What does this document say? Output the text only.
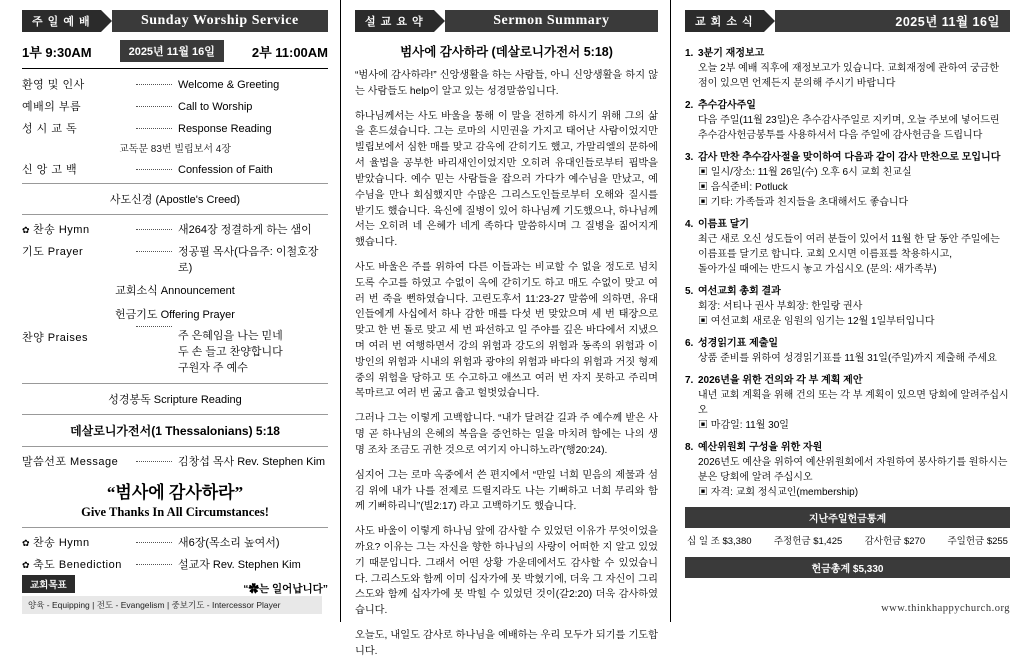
주 일 예 배	Sunday Worship Service
1부 9:30AM	2025년 11월 16일	2부 11:00AM
환영 및 인사	Welcome & Greeting
예배의 부름	Call to Worship
성 시 교 독	Response Reading
교독문 83번 빌립보서 4장
신 앙 고 백	Confession of Faith
사도신경 (Apostle's Creed)
✿ 찬송 Hymn	새264장 정결하게 하는 샘이
기도 Prayer	정공필 목사(다음주: 이철호장로)
교회소식 Announcement
헌금기도 Offering Prayer
찬양 Praises	주 은혜임을 나는 믿네
두 손 들고 찬양합니다
구원자 주 예수
성경봉독 Scripture Reading
데살로니가전서(1 Thessalonians) 5:18
말씀선포 Message	김창섭 목사 Rev. Stephen Kim
“범사에 감사하라”
Give Thanks In All Circumstances!
✿ 찬송 Hymn	새6장(목소리 높여서)
✿ 축도 Benediction	설교자 Rev. Stephen Kim
“✿는 일어납니다”
교회목표
양육 - Equipping | 전도 - Evangelism | 중보기도 - Intercessor Player
설 교 요 약	Sermon Summary
범사에 감사하라 (데살로니가전서 5:18)

“범사에 감사하라!” 신앙생활을 하는 사람들, 아니 신앙생활을 하지 않는 사람들도 help이 알고 있는 성경말씀입니다.

하나님께서는 사도 바울을 통해 이 말을 전하게 하시기 위해 그의 삶을 흔드셨습니다. 그는 로마의 시민권을 가지고 태어난 사람이었지만 빌립보에서 심한 매를 맞고 감옥에 갇히기도 했고, 가말리엘의 문하에서 율법을 공부한 바리새인이었지만 오히려 유대인들로부터 핍박을 받았습니다. 예수 믿는 사람들을 잡으러 가다가 예수님을 만났고, 예수님을 만나 회심했지만 수많은 그리스도인들로부터 오해와 질시를 받기도 했습니다. 육신에 질병이 있어 하나님께 기도했으나, 하나님께서는 오히려 네 은혜가 네게 족하다 말씀하시며 그 질병을 짊어지게 했습니다.

사도 바울은 주를 위하여 다른 이들과는 비교할 수 없을 정도로 넘치도록 수고를 하였고 수없이 옥에 갇히기도 하고 매도 수없이 맞고 여러 번 죽을 뻔하였습니다. 고린도후서 11:23-27 말씀에 의하면, 유대인들에게 사십에서 하나 감한 매를 다섯 번 맞았으며 세 번 태장으로 맞고 한 번 돌로 맞고 세 번 파선하고 일 주야를 깊은 바다에서 지냈으며 여러 번 여행하면서 강의 위험과 강도의 위험과 동족의 위험과 이방인의 위험과 시내의 위험과 광야의 위험과 바다의 위험과 거짓 형제 중의 위험을 당하고 또 수고하고 애쓰고 여러 번 자지 못하고 주리며 목마르고 여러 번 굶고 춥고 헐벗었습니다.

그러나 그는 이렇게 고백합니다. “내가 달려갈 길과 주 예수께 받은 사명 곧 하나님의 은혜의 복음을 증언하는 일을 마치려 함에는 나의 생명 조차 조금도 귀한 것으로 여기지 아니하노라”(행20:24).

심지어 그는 로마 옥중에서 쓴 편지에서 “만일 너희 믿음의 제물과 섬김 위에 내가 나를 전제로 드릴지라도 나는 기뻐하고 너희 무리와 함께 기뻐하리니”(빌2:17) 라고 고백하기도 했습니다.

사도 바울이 이렇게 하나님 앞에 감사할 수 있었던 이유가 무엇이었을까요? 이유는 그는 자신을 향한 하나님의 사랑이 어떠한 지 알고 있었기 때문입니다. 그래서 어떤 상황 가운데에서도 감사할 수 있었습니다. 그리스도와 함께 이미 십자가에 못 박혔기에, 더욱 그 자신이 그리스도와 함께 십자가에 못 박힐 수 있었던 것이(갈2:20) 더욱 감사하였습니다.

오늘도, 내일도 감사로 하나님을 예배하는 우리 모두가 되기를 기도합니다.

교 회 소 식	2025년 11월 16일
1. 3분기 재정보고
오늘 2부 예배 직후에 재정보고가 있습니다. 교회재정에 관하여 궁금한 점이 있으면 언제든지 문의해 주시기 바랍니다
2. 추수감사주일
다음 주일(11월 23일)은 추수감사주일로 지키며, 오늘 주보에 넣어드린 추수감사헌금봉투를 사용하셔서 다음 주일에 감사헌금을 드립니다
3. 감사 만찬 추수감사절을 맞이하여 다음과 같이 감사 만찬으로 모입니다
▣ 일시/장소: 11월 26일(수) 오후 6시 교회 친교실
▣ 음식준비: Potluck
▣ 기타: 가족들과 친지들을 초대해서도 좋습니다
4. 이름표 달기
최근 새로 오신 성도들이 여러 분들이 있어서 11월 한 달 동안 주일에는 이름표를 달기로 합니다. 교회 오시면 이름표를 착용하시고,
돌아가실 때에는 반드시 놓고 가십시오 (문의: 새가족부)
5. 여선교회 총회 결과
회장: 서티나 권사 부회장: 한일랑 권사
▣ 여선교회 새로운 임원의 임기는 12월 1일부터입니다
6. 성경읽기표 제출일
상품 준비를 위하여 성경읽기표를 11월 31일(주일)까지 제출해 주세요
7. 2026년을 위한 건의와 각 부 계획 제안
내년 교회 계획을 위해 건의 또는 각 부 계획이 있으면 당회에 알려주십시오
▣ 마감일: 11월 30일
8. 예산위원회 구성을 위한 자원
2026년도 예산을 위하여 예산위원회에서 자원하여 봉사하기를 원하시는 분은 당회에 알려 주십시오
▣ 자격: 교회 정식교인(membership)
지난주일헌금통계
십 일 조 $3,380 주정헌금 $1,425 감사헌금 $270 주일헌금 $255
헌금총계 $5,330
www.thinkhappychurch.org
